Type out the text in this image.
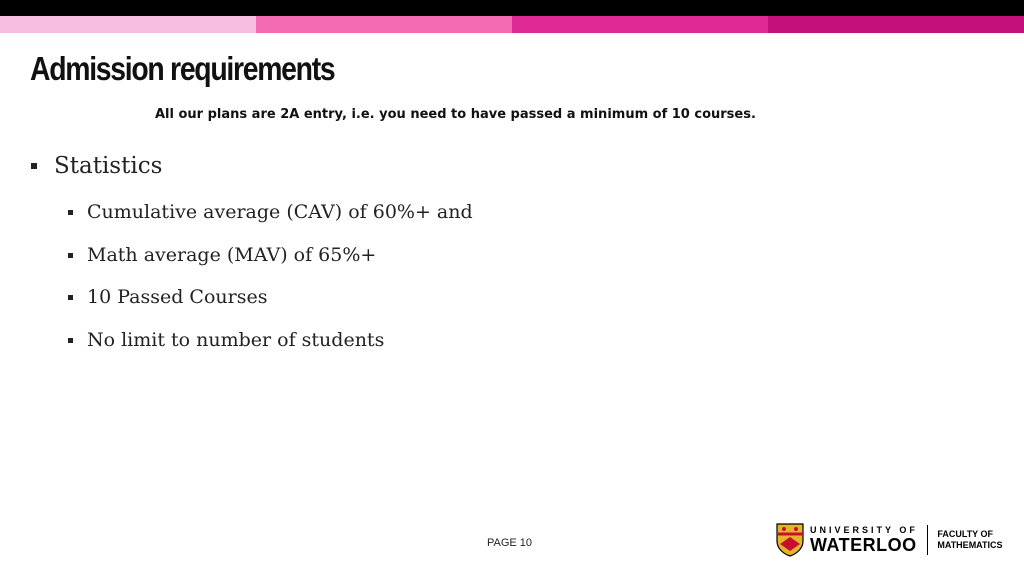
Admission requirements
All our plans are 2A entry, i.e. you need to have passed a minimum of 10 courses.
Statistics
Cumulative average (CAV) of 60%+ and
Math average (MAV) of 65%+
10 Passed Courses
No limit to number of students
PAGE 10
UNIVERSITY OF
WATERLOO
FACULTY OF
MATHEMATICS
